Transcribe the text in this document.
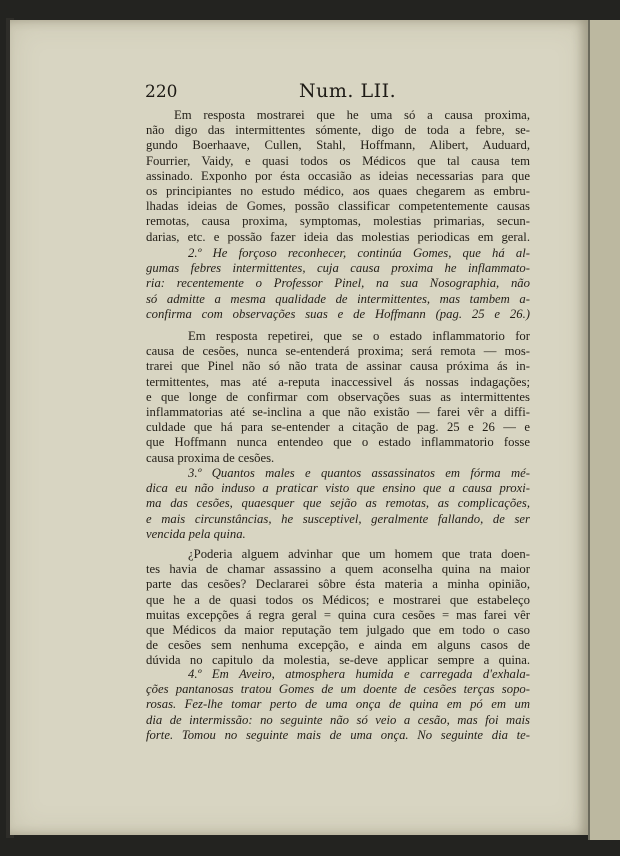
220	Num. LII.
Em resposta mostrarei que he uma só a causa proxima,
não digo das intermittentes sómente, digo de toda a febre, se-
gundo Boerhaave, Cullen, Stahl, Hoffmann, Alibert, Auduard,
Fourrier, Vaidy, e quasi todos os Médicos que tal causa tem
assinado. Exponho por ésta occasião as ideias necessarias para que
os principiantes no estudo médico, aos quaes chegarem as embru-
lhadas ideias de Gomes, possão classificar competentemente causas
remotas, causa proxima, symptomas, molestias primarias, secun-
darias, etc. e possão fazer ideia das molestias periodicas em geral.
2.º He forçoso reconhecer, continúa Gomes, que há al-
gumas febres intermittentes, cuja causa proxima he inflammato-
ria: recentemente o Professor Pinel, na sua Nosographia, não
só admitte a mesma qualidade de intermittentes, mas tambem a-
confirma com observações suas e de Hoffmann (pag. 25 e 26.)
Em resposta repetirei, que se o estado inflammatorio for
causa de cesões, nunca se-entenderá proxima; será remota — mos-
trarei que Pinel não só não trata de assinar causa próxima ás in-
termittentes, mas até a-reputa inaccessivel ás nossas indagações;
e que longe de confirmar com observações suas as intermittentes
inflammatorias até se-inclina a que não existão — farei vêr a diffi-
culdade que há para se-entender a citação de pag. 25 e 26 — e
que Hoffmann nunca entendeo que o estado inflammatorio fosse
causa proxima de cesões.
3.º Quantos males e quantos assassinatos em fórma mé-
dica eu não induso a praticar visto que ensino que a causa proxi-
ma das cesões, quaesquer que sejão as remotas, as complicações,
e mais circunstâncias, he susceptivel, geralmente fallando, de ser
vencida pela quina.
¿Poderia alguem advinhar que um homem que trata doen-
tes havia de chamar assassino a quem aconselha quina na maior
parte das cesões? Declararei sôbre ésta materia a minha opinião,
que he a de quasi todos os Médicos; e mostrarei que estabeleço
muitas excepções á regra geral = quina cura cesões = mas farei vêr
que Médicos da maior reputação tem julgado que em todo o caso
de cesões sem nenhuma excepção, e ainda em alguns casos de
dúvida no capitulo da molestia, se-deve applicar sempre a quina.
4.º Em Aveiro, atmosphera humida e carregada d'exhala-
ções pantanosas tratou Gomes de um doente de cesões terças sopo-
rosas. Fez-lhe tomar perto de uma onça de quina em pó em um
dia de intermissão: no seguinte não só veio a cesão, mas foi mais
forte. Tomou no seguinte mais de uma onça. No seguinte dia te-
